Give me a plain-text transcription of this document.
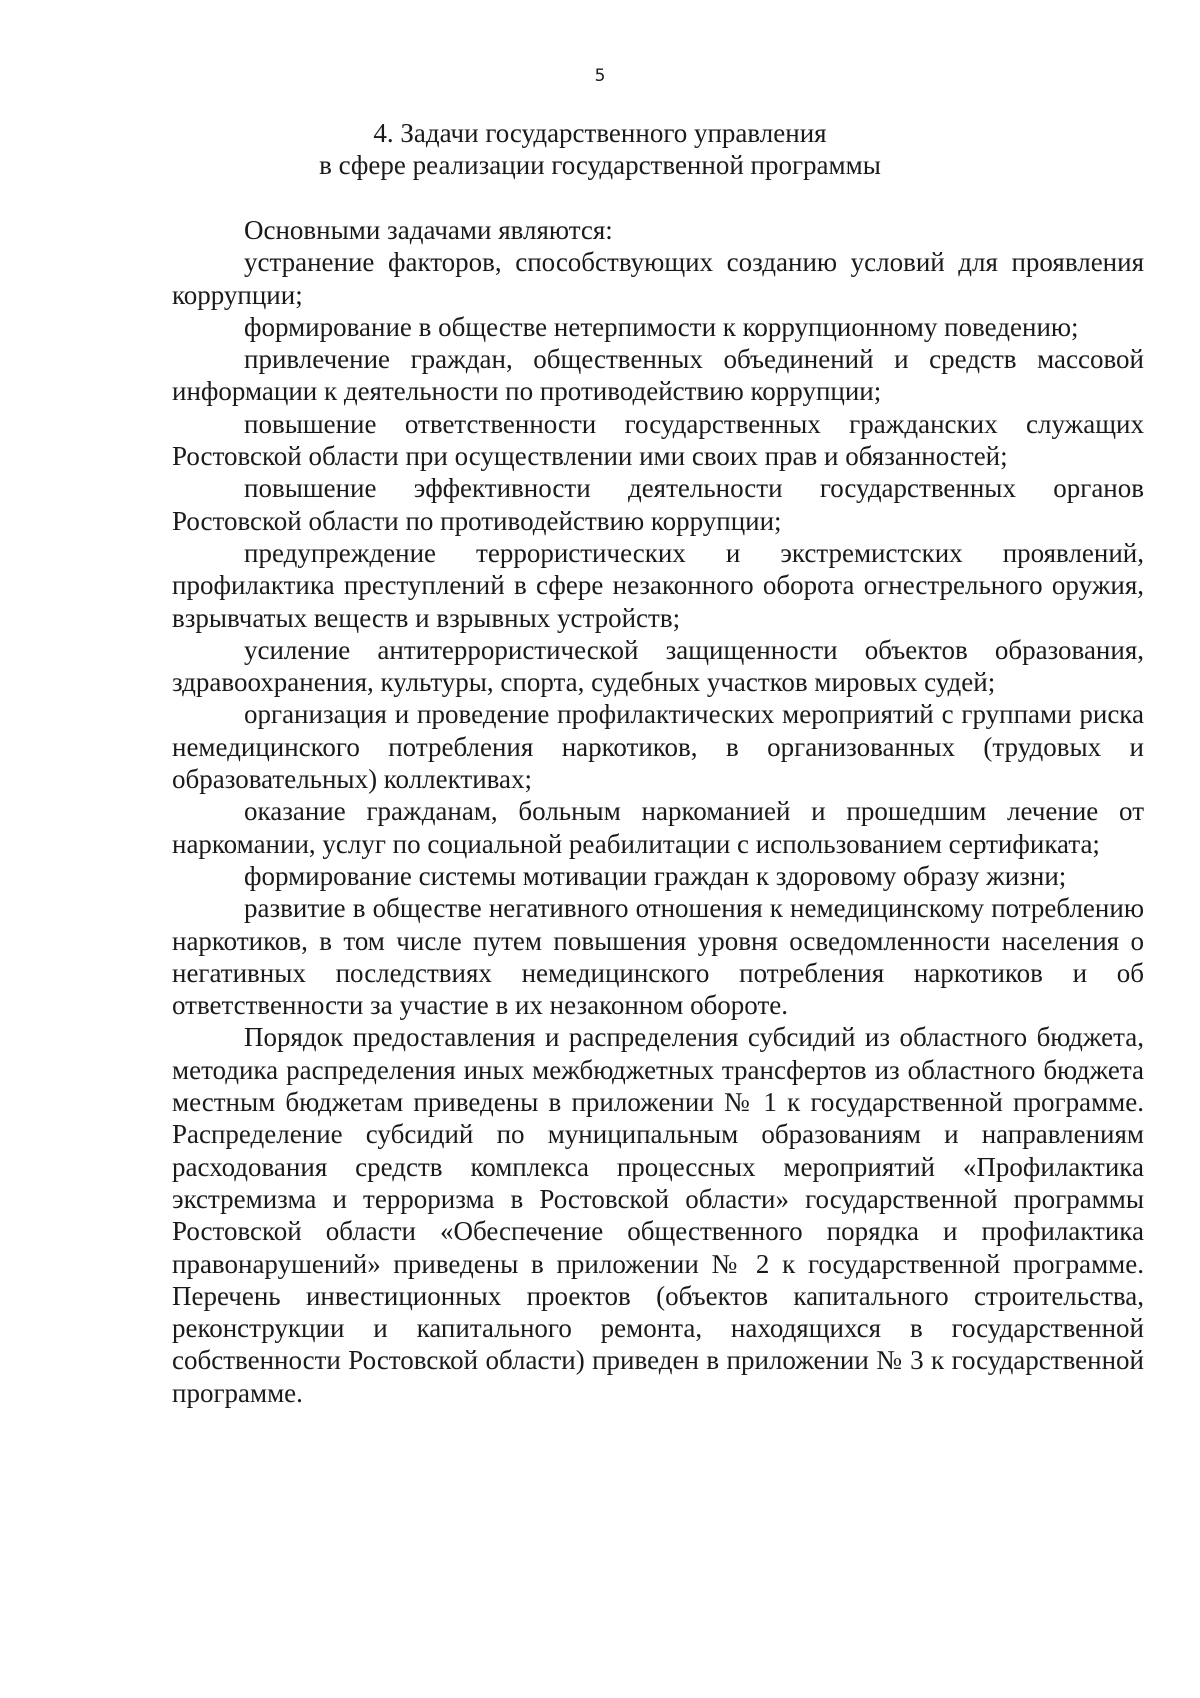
5
4. Задачи государственного управления
в сфере реализации государственной программы

Основными задачами являются:

устранение факторов, способствующих созданию условий для проявления коррупции;

формирование в обществе нетерпимости к коррупционному поведению;

привлечение граждан, общественных объединений и средств массовой информации к деятельности по противодействию коррупции;

повышение ответственности государственных гражданских служащих Ростовской области при осуществлении ими своих прав и обязанностей;

повышение эффективности деятельности государственных органов Ростовской области по противодействию коррупции;

предупреждение террористических и экстремистских проявлений, профилактика преступлений в сфере незаконного оборота огнестрельного оружия, взрывчатых веществ и взрывных устройств;

усиление антитеррористической защищенности объектов образования, здравоохранения, культуры, спорта, судебных участков мировых судей;

организация и проведение профилактических мероприятий с группами риска немедицинского потребления наркотиков, в организованных (трудовых и образовательных) коллективах;

оказание гражданам, больным наркоманией и прошедшим лечение от наркомании, услуг по социальной реабилитации с использованием сертификата;

формирование системы мотивации граждан к здоровому образу жизни;

развитие в обществе негативного отношения к немедицинскому потреблению наркотиков, в том числе путем повышения уровня осведомленности населения о негативных последствиях немедицинского потребления наркотиков и об ответственности за участие в их незаконном обороте.

Порядок предоставления и распределения субсидий из областного бюджета, методика распределения иных межбюджетных трансфертов из областного бюджета местным бюджетам приведены в приложении № 1 к государственной программе. Распределение субсидий по муниципальным образованиям и направлениям расходования средств комплекса процессных мероприятий «Профилактика экстремизма и терроризма в Ростовской области» государственной программы Ростовской области «Обеспечение общественного порядка и профилактика правонарушений» приведены в приложении № 2 к государственной программе. Перечень инвестиционных проектов (объектов капитального строительства, реконструкции и капитального ремонта, находящихся в государственной собственности Ростовской области) приведен в приложении № 3 к государственной программе.
